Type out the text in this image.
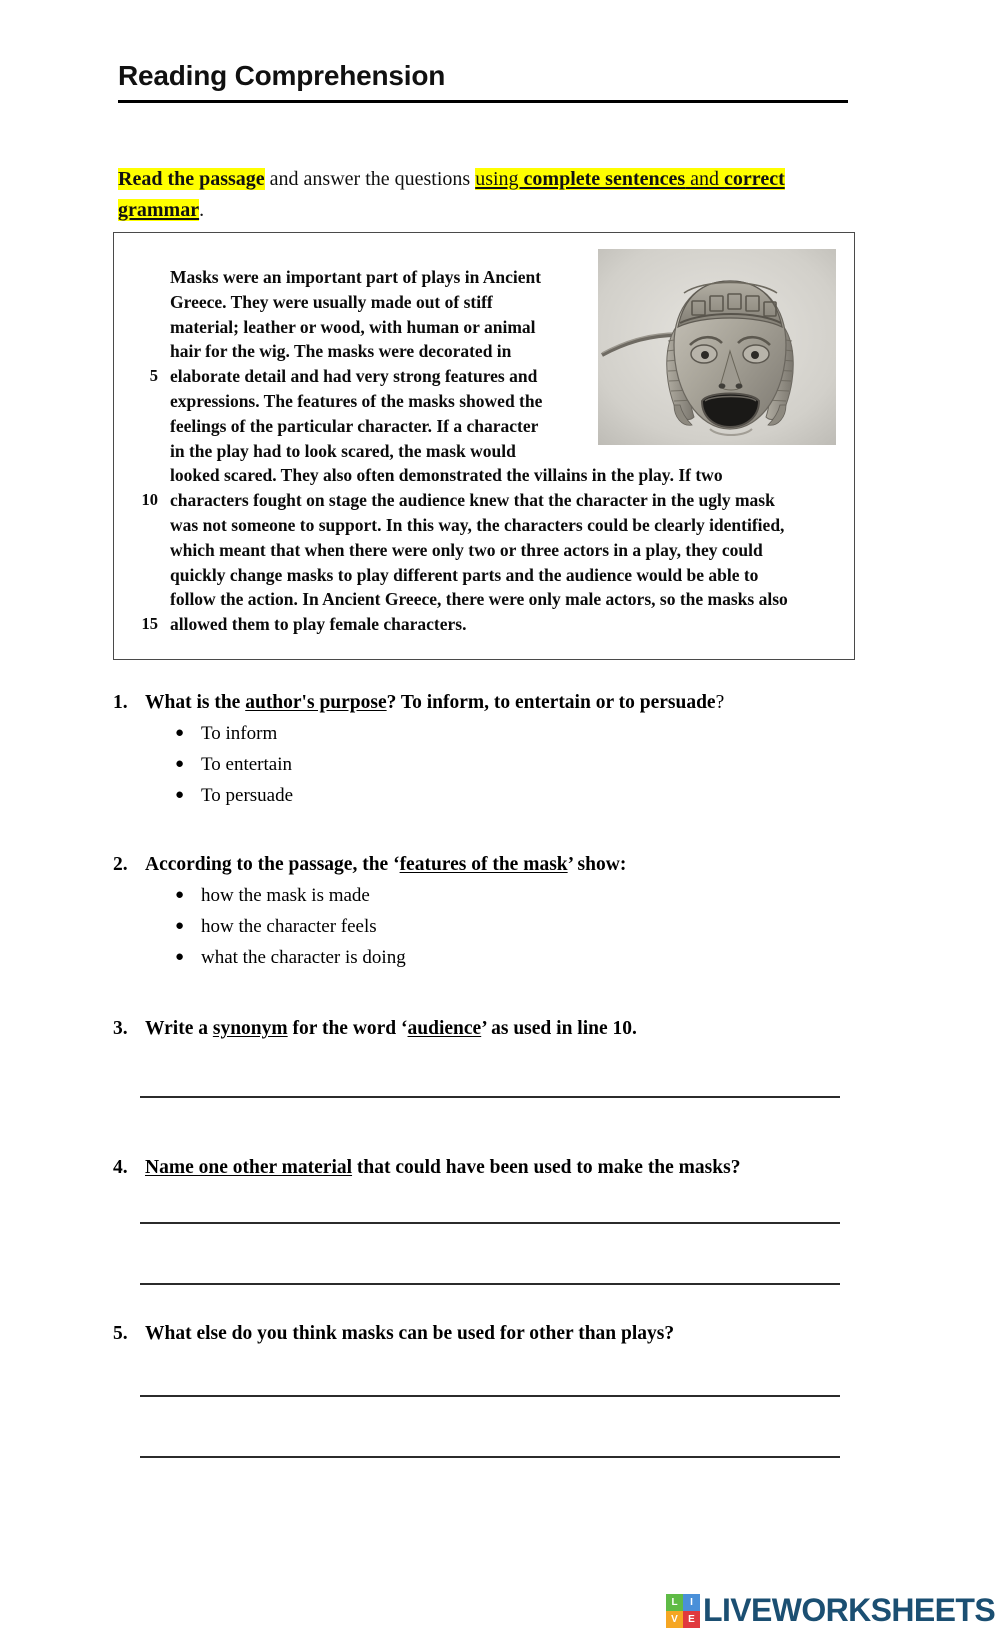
Reading Comprehension
Read the passage and answer the questions using complete sentences and correct grammar.
Masks were an important part of plays in Ancient
Greece. They were usually made out of stiff
material; leather or wood, with human or animal
hair for the wig. The masks were decorated in
5 elaborate detail and had very strong features and
expressions. The features of the masks showed the
feelings of the particular character. If a character
in the play had to look scared, the mask would
looked scared. They also often demonstrated the villains in the play. If two
10 characters fought on stage the audience knew that the character in the ugly mask
was not someone to support. In this way, the characters could be clearly identified,
which meant that when there were only two or three actors in a play, they could
quickly change masks to play different parts and the audience would be able to
follow the action. In Ancient Greece, there were only male actors, so the masks also
15 allowed them to play female characters.
1. What is the author's purpose? To inform, to entertain or to persuade?
● To inform
● To entertain
● To persuade
2. According to the passage, the ‘features of the mask’ show:
● how the mask is made
● how the character feels
● what the character is doing
3. Write a synonym for the word ‘audience’ as used in line 10.
4. Name one other material that could have been used to make the masks?
5. What else do you think masks can be used for other than plays?
L	I
V	E LIVEWORKSHEETS
